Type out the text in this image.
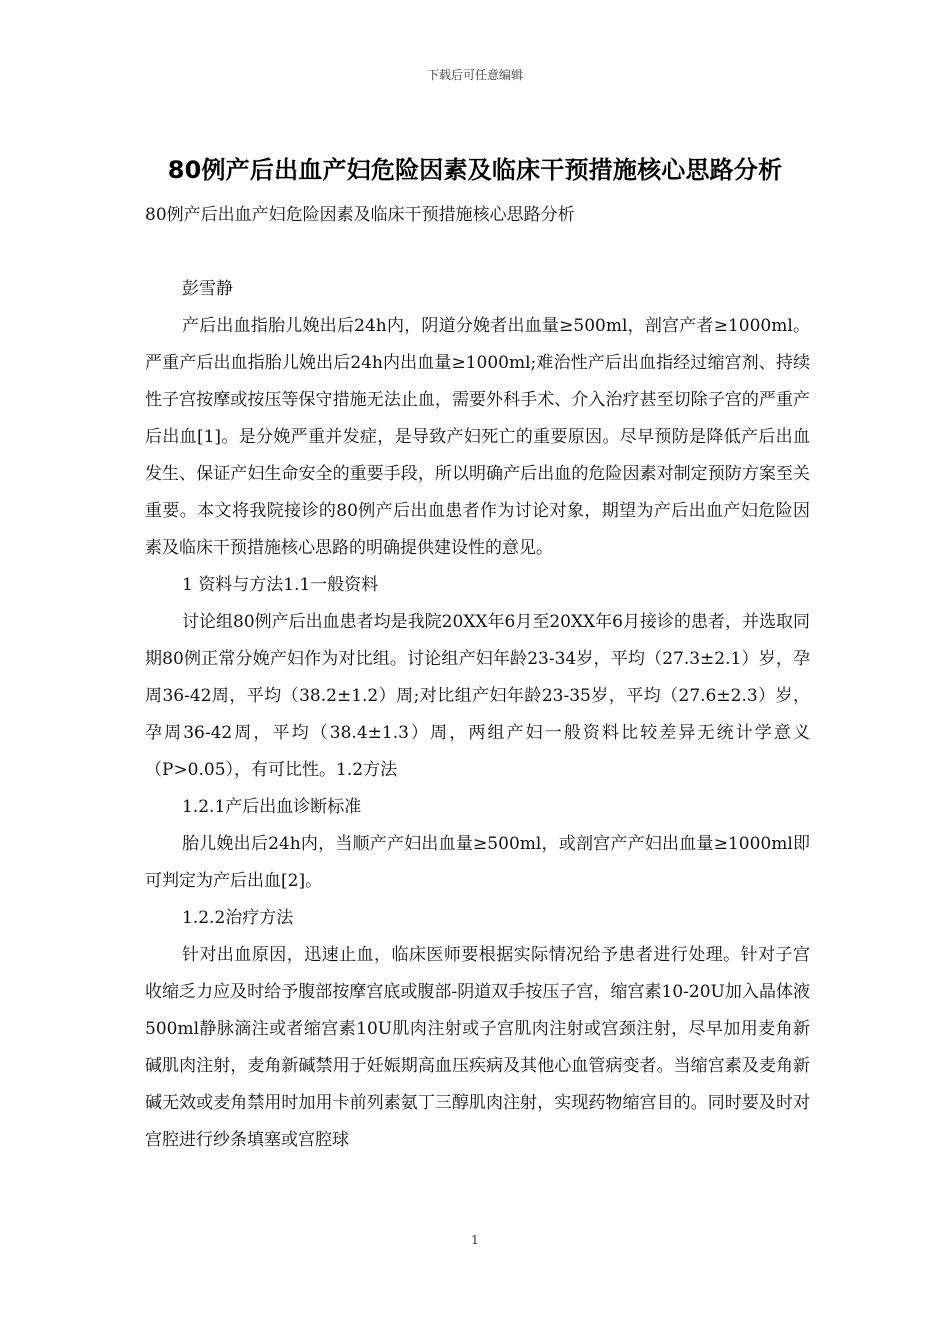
下载后可任意编辑
80例产后出血产妇危险因素及临床干预措施核心思路分析

80例产后出血产妇危险因素及临床干预措施核心思路分析

彭雪静

产后出血指胎儿娩出后24h内，阴道分娩者出血量≥500ml，剖宫产者≥1000ml。严重产后出血指胎儿娩出后24h内出血量≥1000ml;难治性产后出血指经过缩宫剂、持续性子宫按摩或按压等保守措施无法止血，需要外科手术、介入治疗甚至切除子宫的严重产后出血[1]。是分娩严重并发症，是导致产妇死亡的重要原因。尽早预防是降低产后出血发生、保证产妇生命安全的重要手段，所以明确产后出血的危险因素对制定预防方案至关重要。本文将我院接诊的80例产后出血患者作为讨论对象，期望为产后出血产妇危险因素及临床干预措施核心思路的明确提供建设性的意见。

1 资料与方法1.1一般资料

讨论组80例产后出血患者均是我院20XX年6月至20XX年6月接诊的患者，并选取同期80例正常分娩产妇作为对比组。讨论组产妇年龄23-34岁，平均（27.3±2.1）岁，孕周36-42周，平均（38.2±1.2）周;对比组产妇年龄23-35岁，平均（27.6±2.3）岁，孕周36-42周，平均（38.4±1.3）周，两组产妇一般资料比较差异无统计学意义（P>0.05），有可比性。1.2方法

1.2.1产后出血诊断标准

胎儿娩出后24h内，当顺产产妇出血量≥500ml，或剖宫产产妇出血量≥1000ml即可判定为产后出血[2]。

1.2.2治疗方法

针对出血原因，迅速止血，临床医师要根据实际情况给予患者进行处理。针对子宫收缩乏力应及时给予腹部按摩宫底或腹部-阴道双手按压子宫，缩宫素10-20U加入晶体液500ml静脉滴注或者缩宫素10U肌肉注射或子宫肌肉注射或宫颈注射，尽早加用麦角新碱肌肉注射，麦角新碱禁用于妊娠期高血压疾病及其他心血管病变者。当缩宫素及麦角新碱无效或麦角禁用时加用卡前列素氨丁三醇肌肉注射，实现药物缩宫目的。同时要及时对宫腔进行纱条填塞或宫腔球

1
